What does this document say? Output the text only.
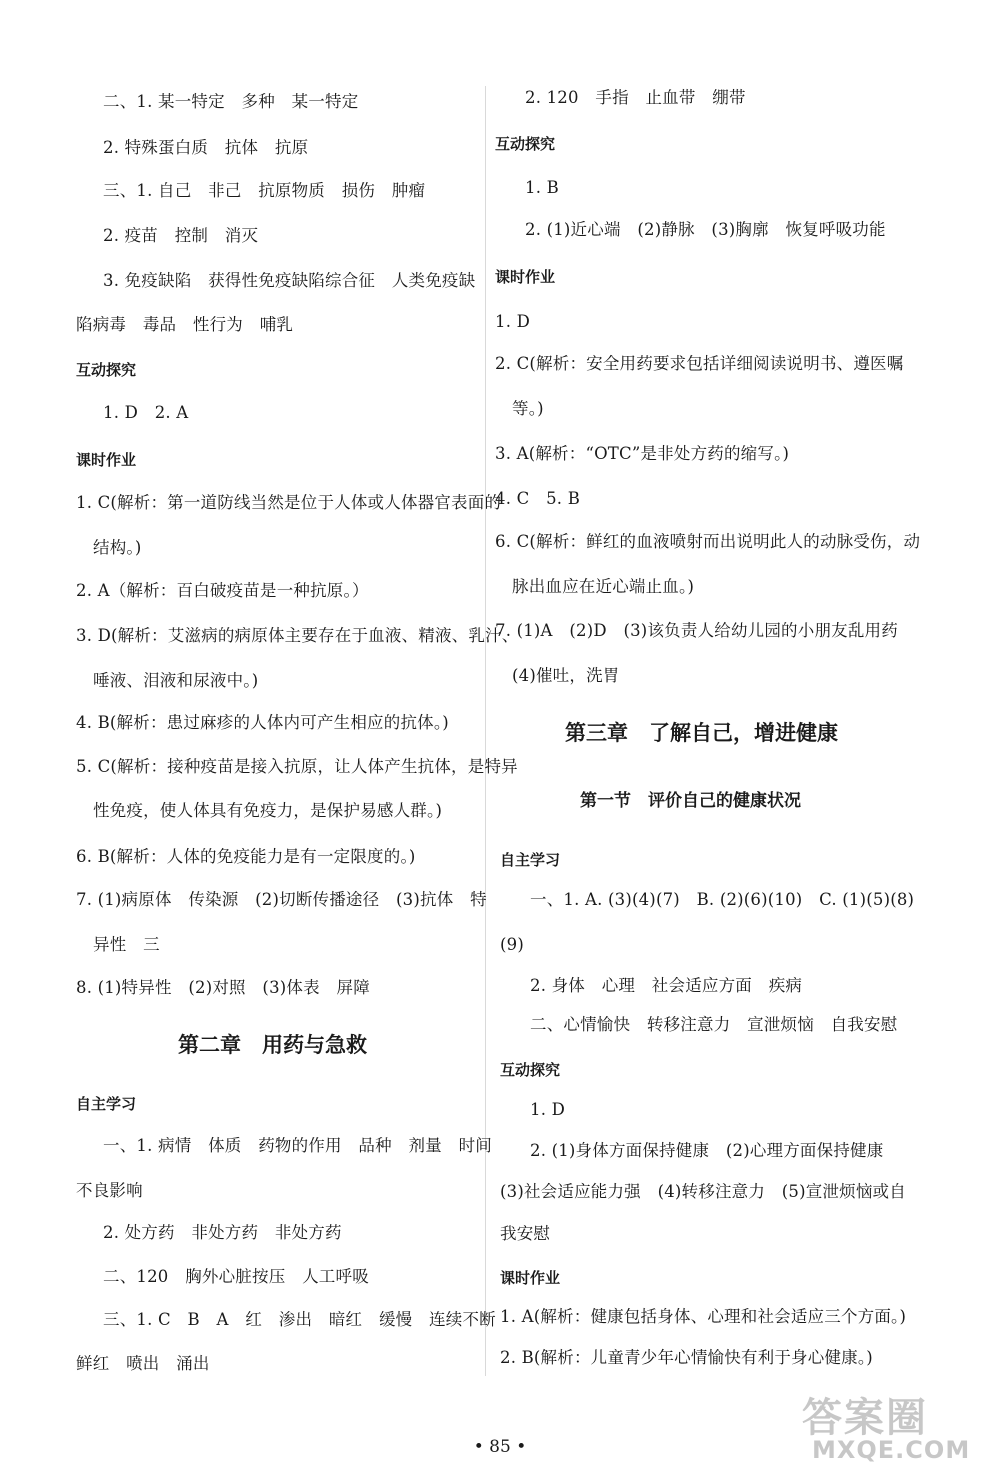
二、1. 某一特定　多种　某一特定
2. 特殊蛋白质　抗体　抗原
三、1. 自己　非己　抗原物质　损伤　肿瘤
2. 疫苗　控制　消灭
3. 免疫缺陷　获得性免疫缺陷综合征　人类免疫缺
陷病毒　毒品　性行为　哺乳
互动探究
1. D　2. A
课时作业
1. C(解析：第一道防线当然是位于人体或人体器官表面的
结构。)
2. A（解析：百白破疫苗是一种抗原。）
3. D(解析：艾滋病的病原体主要存在于血液、精液、乳汁、
唾液、泪液和尿液中。)
4. B(解析：患过麻疹的人体内可产生相应的抗体。)
5. C(解析：接种疫苗是接入抗原，让人体产生抗体，是特异
性免疫，使人体具有免疫力，是保护易感人群。)
6. B(解析：人体的免疫能力是有一定限度的。)
7. (1)病原体　传染源　(2)切断传播途径　(3)抗体　特
异性　三
8. (1)特异性　(2)对照　(3)体表　屏障
第二章　用药与急救
自主学习
一、1. 病情　体质　药物的作用　品种　剂量　时间
不良影响
2. 处方药　非处方药　非处方药
二、120　胸外心脏按压　人工呼吸
三、1. C　B　A　红　渗出　暗红　缓慢　连续不断
鲜红　喷出　涌出
2. 120　手指　止血带　绷带
互动探究
1. B
2. (1)近心端　(2)静脉　(3)胸廓　恢复呼吸功能
课时作业
1. D
2. C(解析：安全用药要求包括详细阅读说明书、遵医嘱
等。)
3. A(解析：“OTC”是非处方药的缩写。)
4. C　5. B
6. C(解析：鲜红的血液喷射而出说明此人的动脉受伤，动
脉出血应在近心端止血。)
7. (1)A　(2)D　(3)该负责人给幼儿园的小朋友乱用药
(4)催吐，洗胃
第三章　了解自己，增进健康
第一节　评价自己的健康状况
自主学习
一、1. A. (3)(4)(7)　B. (2)(6)(10)　C. (1)(5)(8)
(9)
2. 身体　心理　社会适应方面　疾病
二、心情愉快　转移注意力　宣泄烦恼　自我安慰
互动探究
1. D
2. (1)身体方面保持健康　(2)心理方面保持健康
(3)社会适应能力强　(4)转移注意力　(5)宣泄烦恼或自
我安慰
课时作业
1. A(解析：健康包括身体、心理和社会适应三个方面。)
2. B(解析：儿童青少年心情愉快有利于身心健康。)
• 85 •
答案圈
MXQE.COM
